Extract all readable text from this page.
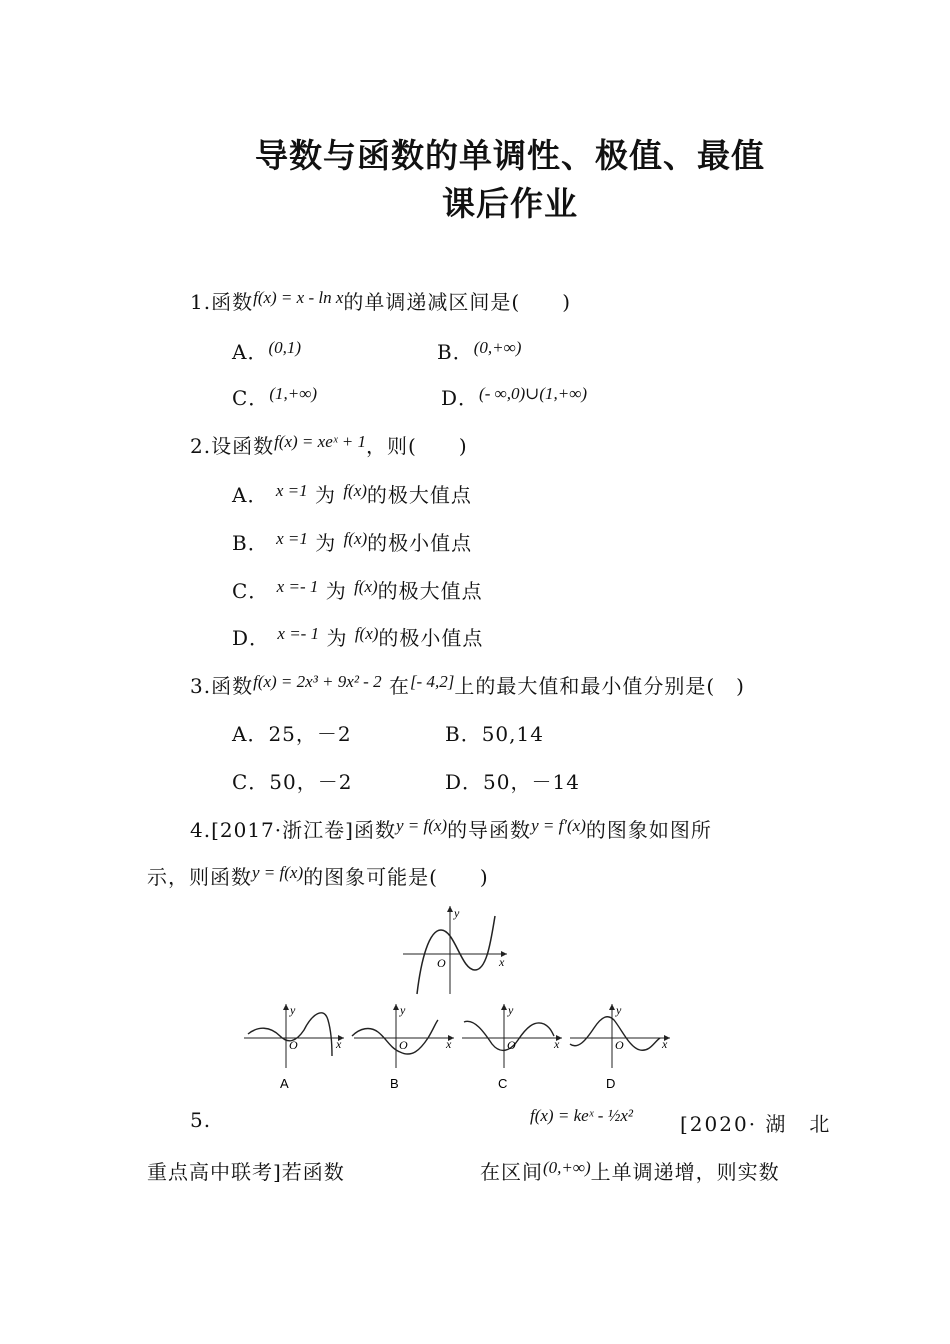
导数与函数的单调性、极值、最值
课后作业
1.函数$^{f(x) = x - ln x}$的单调递减区间是(　　)
A．$^{(0,1)}$	B．$^{(0,+\infty)}$
C．$^{(1,+\infty)}$	D．$^{(- \infty,0)\cup(1,+\infty)}$
2.设函数$^{f(x) = xeˣ + 1}$，则(　　)
A． $^{x =1}$ 为 $^{f(x)}$的极大值点
B． $^{x =1}$ 为 $^{f(x)}$的极小值点
C． $^{x =- 1}$ 为 $^{f(x)}$的极大值点
D． $^{x =- 1}$ 为 $^{f(x)}$的极小值点
3.函数$^{f(x) = 2x^3 + 9x^2 - 2}$ 在[- 4,2]上的最大值和最小值分别是(　)
A．25，－2	B．50,14
C．50，－2	D．50，－14
4.[2017·浙江卷]函数$^{y = f(x)}$的导函数$^{y = f'(x)}$的图象如图所
示，则函数$^{y = f(x)}$的图象可能是(　　)
O	x
y
O	x
y
A
O	x
y
B
O	x
y
C
O	x
y
D
5.	$^{f(x) = keˣ - \frac{1}{2}x^2}$ [2020· 湖　北
重点高中联考]若函数	在区间$^{(0,+\infty)}$上单调递增，则实数
